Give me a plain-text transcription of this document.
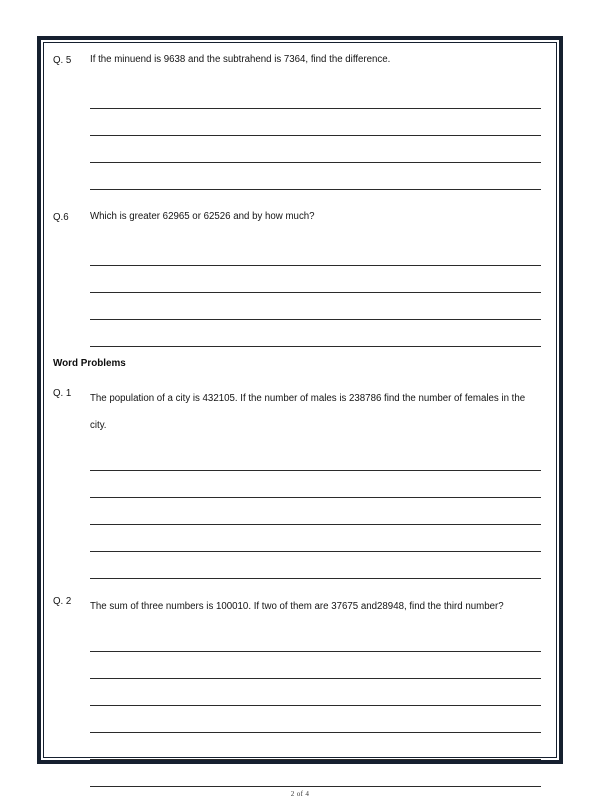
Q. 5	If the minuend is 9638 and the subtrahend is 7364, find the difference.
Q.6	Which is greater 62965 or 62526 and by how much?
Word Problems
Q. 1	The population of a city is 432105. If the number of males is 238786 find the number of females in the city.
Q. 2	The sum of three numbers is 100010. If two of them are 37675 and28948, find the third number?
2 of 4
